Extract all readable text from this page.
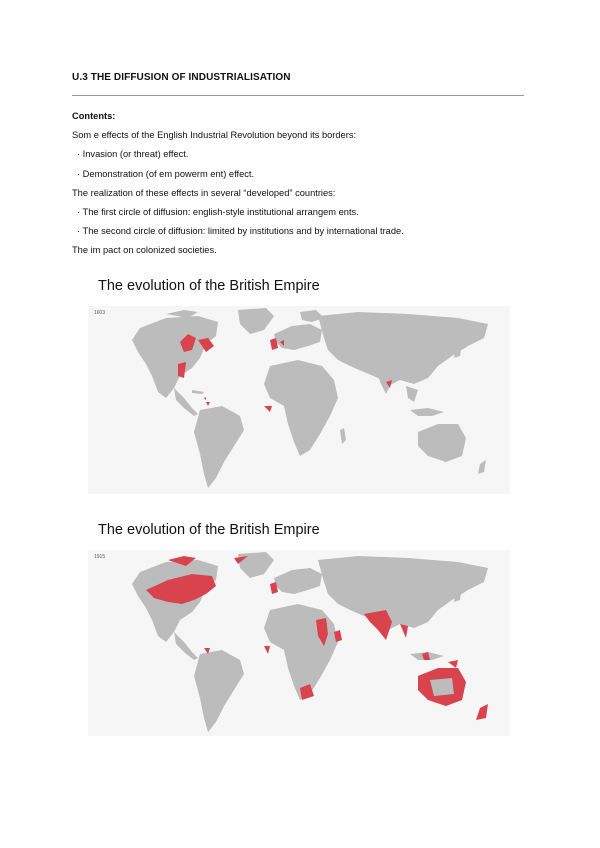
U.3 THE DIFFUSION OF INDUSTRIALISATION
Contents:
Som e effects of the English Industrial Revolution beyond its borders:
· Invasion (or threat) effect.
· Demonstration (of em powerm ent) effect.
The realization of these effects in several “developed” countries:
· The first circle of diffusion: english-style institutional arrangem ents.
· The second circle of diffusion: limited by institutions and by international trade.
The im pact on colonized societies.
The evolution of the British Empire
1603
The evolution of the British Empire
1915
